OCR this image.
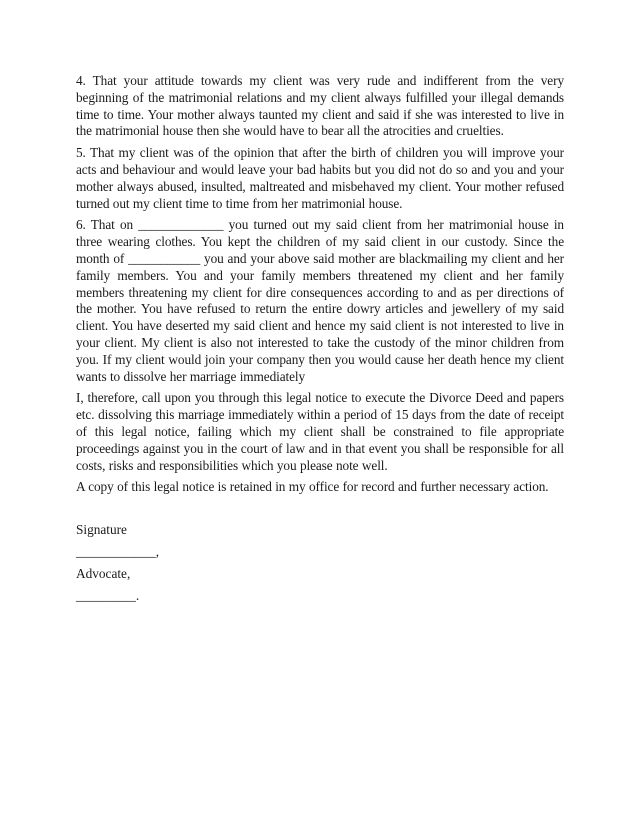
4. That your attitude towards my client was very rude and indifferent from the very beginning of the matrimonial relations and my client always fulfilled your illegal demands time to time. Your mother always taunted my client and said if she was interested to live in the matrimonial house then she would have to bear all the atrocities and cruelties.

5. That my client was of the opinion that after the birth of children you will improve your acts and behaviour and would leave your bad habits but you did not do so and you and your mother always abused, insulted, maltreated and misbehaved my client. Your mother refused turned out my client time to time from her matrimonial house.

6. That on _____________ you turned out my said client from her matrimonial house in three wearing clothes. You kept the children of my said client in our custody. Since the month of ___________ you and your above said mother are blackmailing my client and her family members. You and your family members threatened my client and her family members threatening my client for dire consequences according to and as per directions of the mother. You have refused to return the entire dowry articles and jewellery of my said client. You have deserted my said client and hence my said client is not interested to live in your client. My client is also not interested to take the custody of the minor children from you. If my client would join your company then you would cause her death hence my client wants to dissolve her marriage immediately

I, therefore, call upon you through this legal notice to execute the Divorce Deed and papers etc. dissolving this marriage immediately within a period of 15 days from the date of receipt of this legal notice, failing which my client shall be constrained to file appropriate proceedings against you in the court of law and in that event you shall be responsible for all costs, risks and responsibilities which you please note well.

A copy of this legal notice is retained in my office for record and further necessary action.

Signature
____________,
Advocate,
_________.
